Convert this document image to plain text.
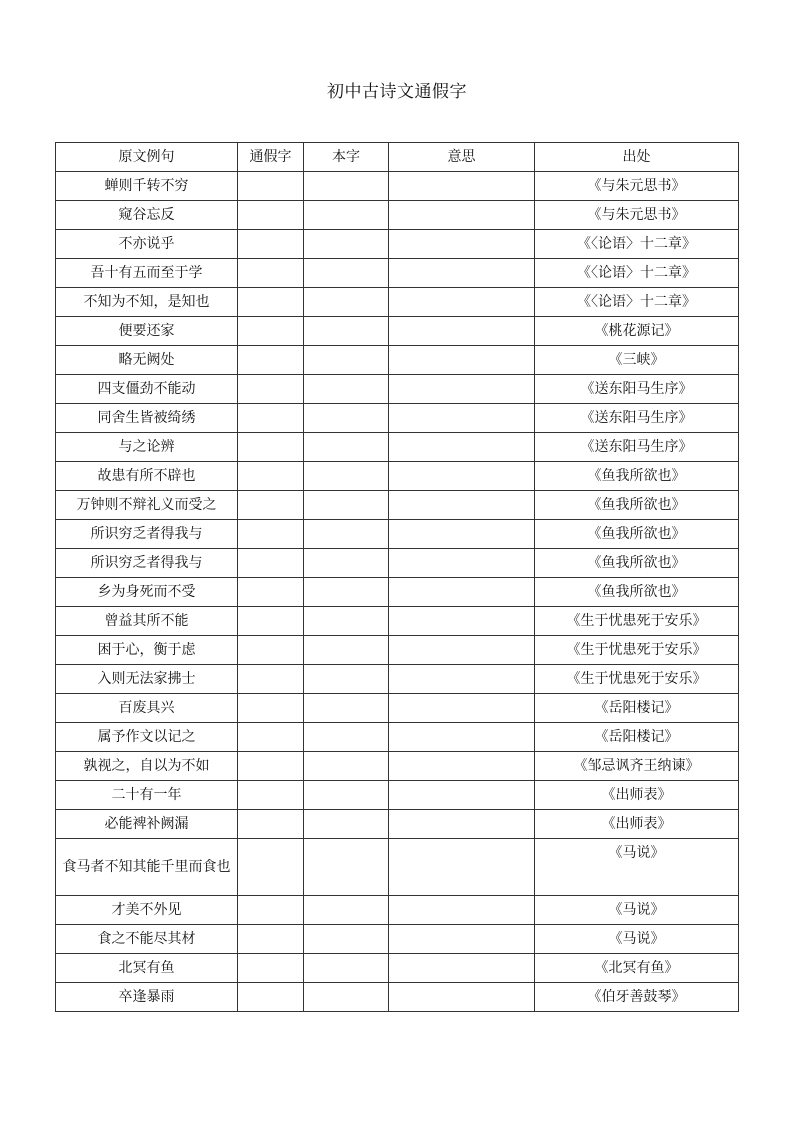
初中古诗文通假字
原文例句	通假字	本字	意思	出处
蝉则千转不穷				《与朱元思书》
窥谷忘反				《与朱元思书》
不亦说乎				《〈论语〉十二章》
吾十有五而至于学				《〈论语〉十二章》
不知为不知，是知也				《〈论语〉十二章》
便要还家				《桃花源记》
略无阙处				《三峡》
四支僵劲不能动				《送东阳马生序》
同舍生皆被绮绣				《送东阳马生序》
与之论辨				《送东阳马生序》
故患有所不辟也				《鱼我所欲也》
万钟则不辩礼义而受之				《鱼我所欲也》
所识穷乏者得我与				《鱼我所欲也》
所识穷乏者得我与				《鱼我所欲也》
乡为身死而不受				《鱼我所欲也》
曾益其所不能				《生于忧患死于安乐》
困于心，衡于虑				《生于忧患死于安乐》
入则无法家拂士				《生于忧患死于安乐》
百废具兴				《岳阳楼记》
属予作文以记之				《岳阳楼记》
孰视之，自以为不如				《邹忌讽齐王纳谏》
二十有一年				《出师表》
必能裨补阙漏				《出师表》
食马者不知其能千里而食也				《马说》
才美不外见				《马说》
食之不能尽其材				《马说》
北冥有鱼				《北冥有鱼》
卒逢暴雨				《伯牙善鼓琴》
